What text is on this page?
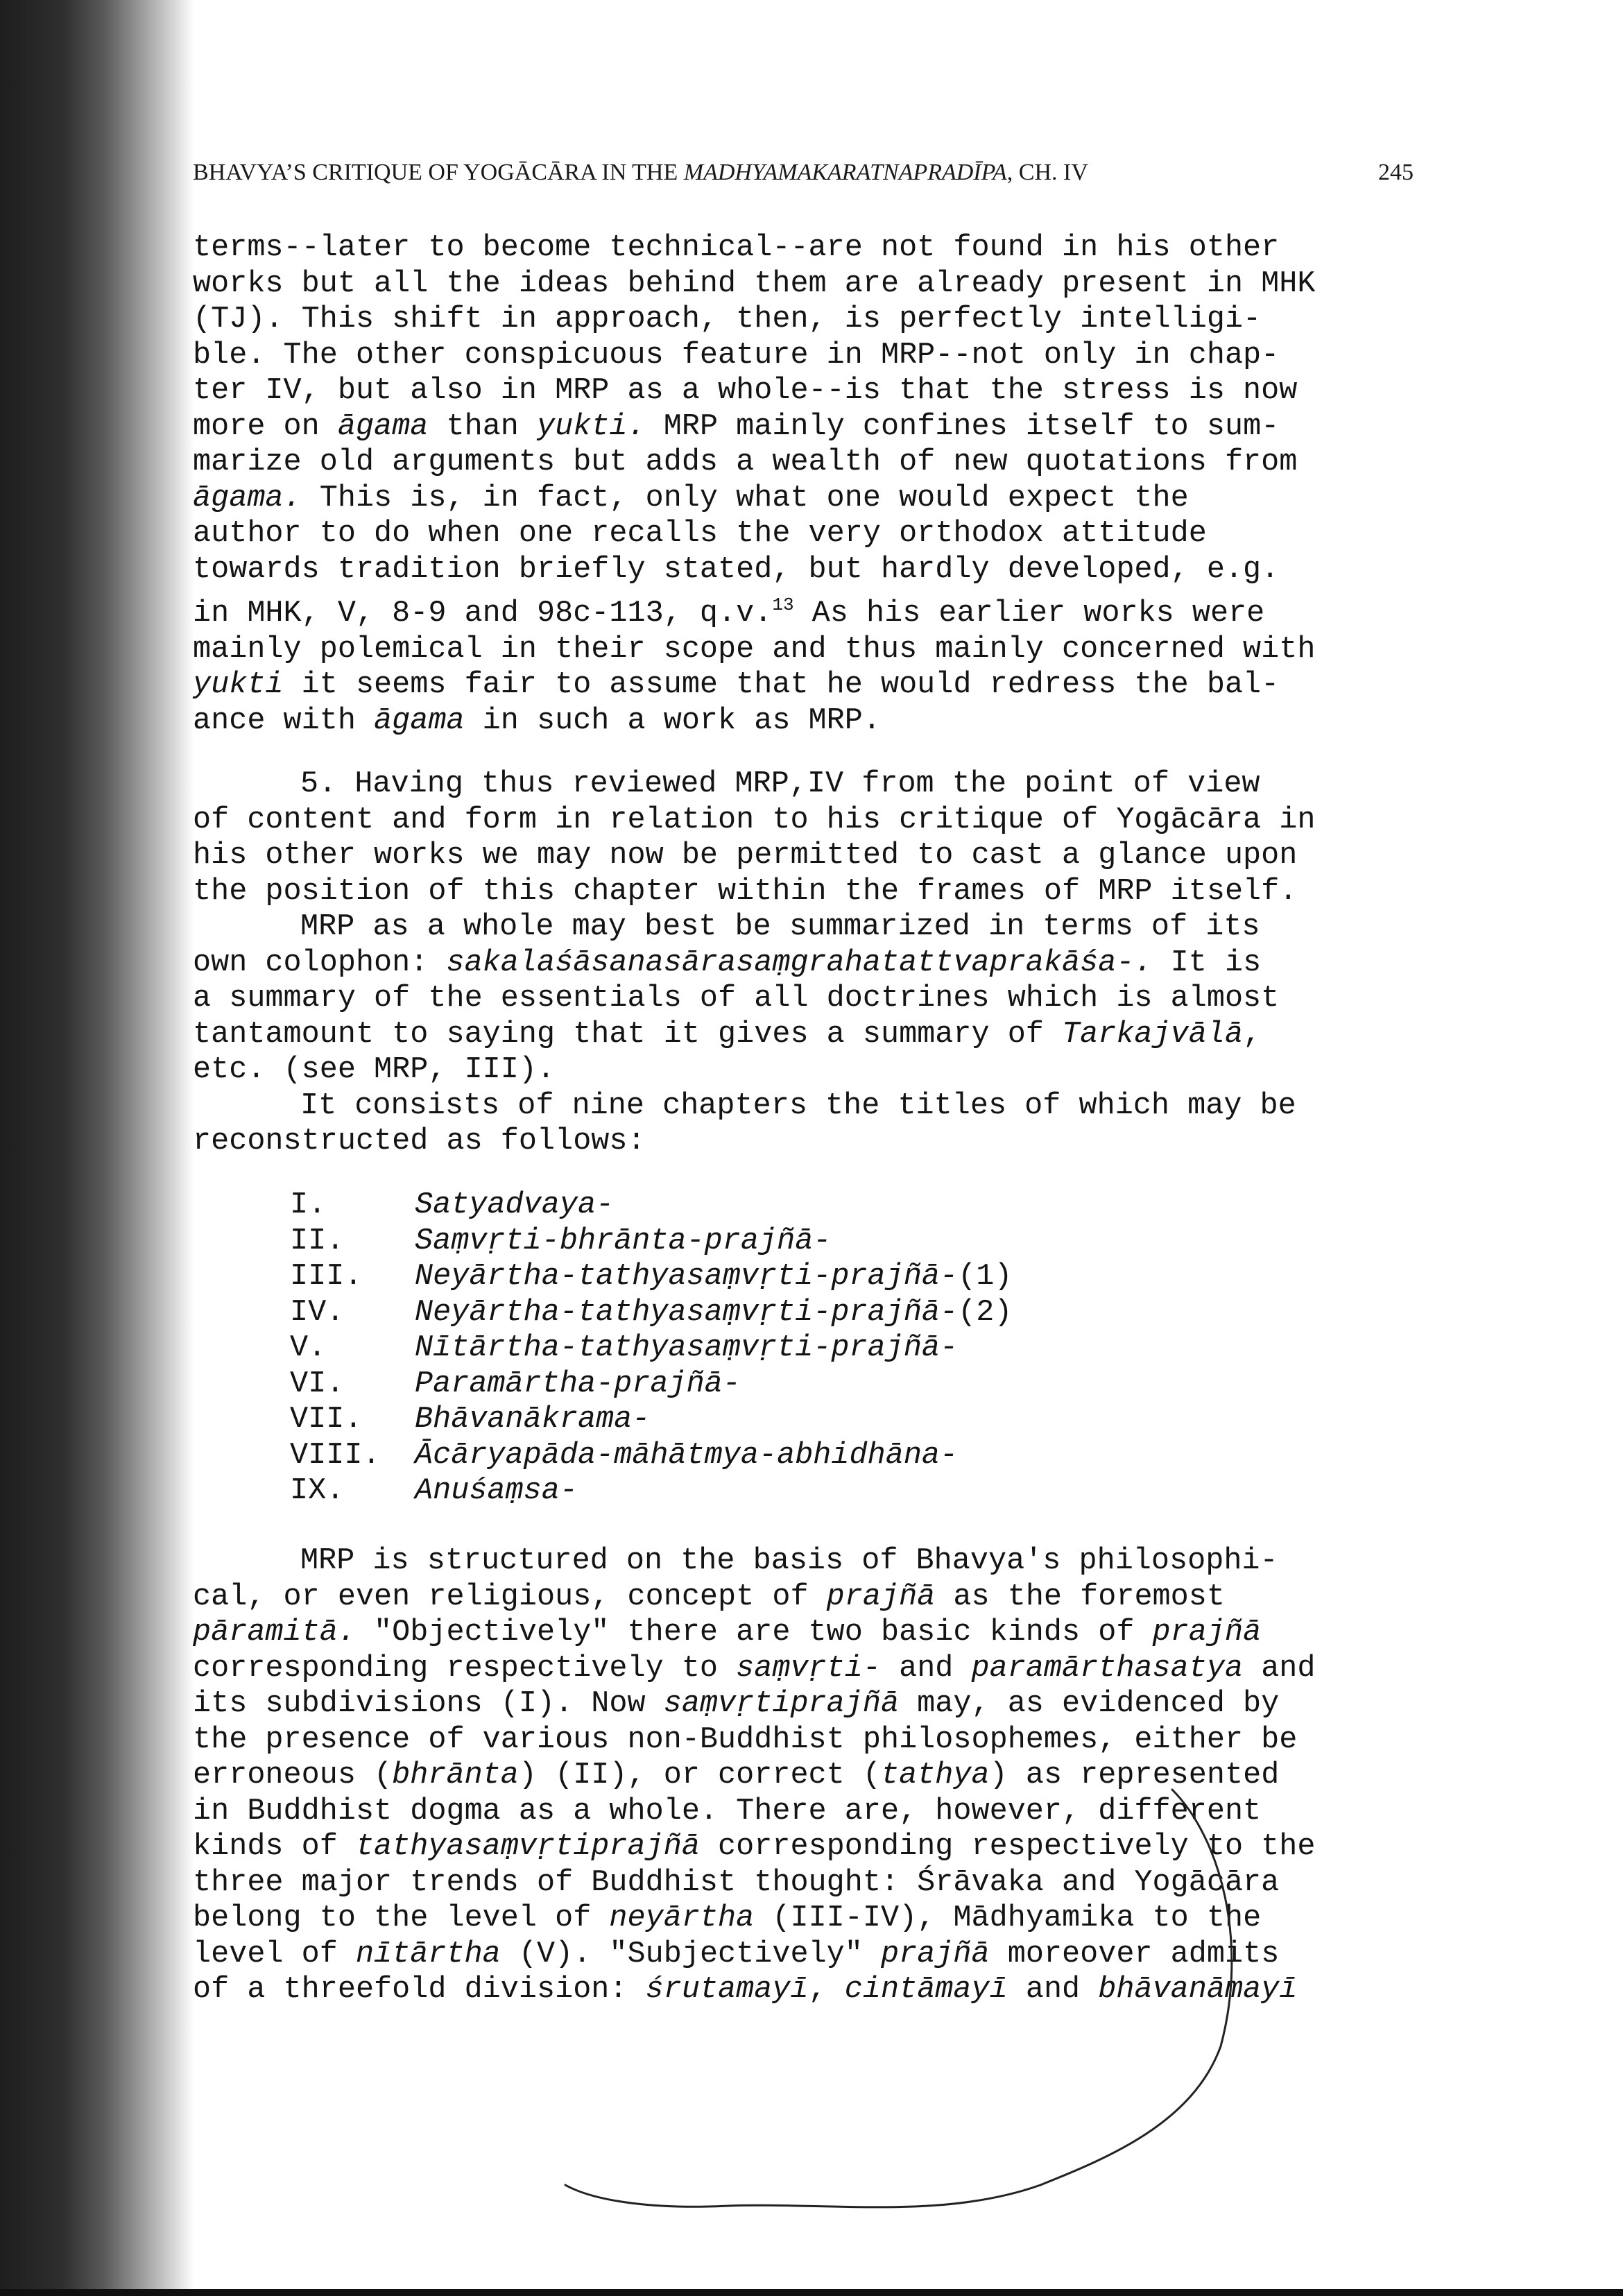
BHAVYA’S CRITIQUE OF YOGĀCĀRA IN THE MADHYAMAKARATNAPRADĪPA, CH. IV	245

terms--later to become technical--are not found in his other

works but all the ideas behind them are already present in MHK

(TJ). This shift in approach, then, is perfectly intelligi-

ble. The other conspicuous feature in MRP--not only in chap-

ter IV, but also in MRP as a whole--is that the stress is now

more on āgama than yukti. MRP mainly confines itself to sum-

marize old arguments but adds a wealth of new quotations from

āgama. This is, in fact, only what one would expect the

author to do when one recalls the very orthodox attitude

towards tradition briefly stated, but hardly developed, e.g.

in MHK, V, 8-9 and 98c-113, q.v.$^{13}$ As his earlier works were

mainly polemical in their scope and thus mainly concerned with

yukti it seems fair to assume that he would redress the bal-

ance with āgama in such a work as MRP.

5. Having thus reviewed MRP,IV from the point of view

of content and form in relation to his critique of Yogācāra in

his other works we may now be permitted to cast a glance upon

the position of this chapter within the frames of MRP itself.

MRP as a whole may best be summarized in terms of its

own colophon: sakalaśāsanasārasaṃgrahatattvaprakāśa-. It is

a summary of the essentials of all doctrines which is almost

tantamount to saying that it gives a summary of Tarkajvālā,

etc. (see MRP, III).

It consists of nine chapters the titles of which may be

reconstructed as follows:

I.	Satyadvaya-
II.	Saṃvṛti-bhrānta-prajñā-
III.	Neyārtha-tathyasaṃvṛti-prajñā- (1)
IV.	Neyārtha-tathyasaṃvṛti-prajñā- (2)
V.	Nītārtha-tathyasaṃvṛti-prajñā-
VI.	Paramārtha-prajñā-
VII.	Bhāvanākrama-
VIII.	Ācāryapāda-māhātmya-abhidhāna-
IX.	Anuśaṃsa-

MRP is structured on the basis of Bhavya's philosophi-

cal, or even religious, concept of prajñā as the foremost

pāramitā. "Objectively" there are two basic kinds of prajñā

corresponding respectively to saṃvṛti- and paramārthasatya and

its subdivisions (I). Now saṃvṛtiprajñā may, as evidenced by

the presence of various non-Buddhist philosophemes, either be

erroneous (bhrānta) (II), or correct (tathya) as represented

in Buddhist dogma as a whole. There are, however, different

kinds of tathyasaṃvṛtiprajñā corresponding respectively to the

three major trends of Buddhist thought: Śrāvaka and Yogācāra

belong to the level of neyārtha (III-IV), Mādhyamika to the

level of nītārtha (V). "Subjectively" prajñā moreover admits

of a threefold division: śrutamayī, cintāmayī and bhāvanāmayī
